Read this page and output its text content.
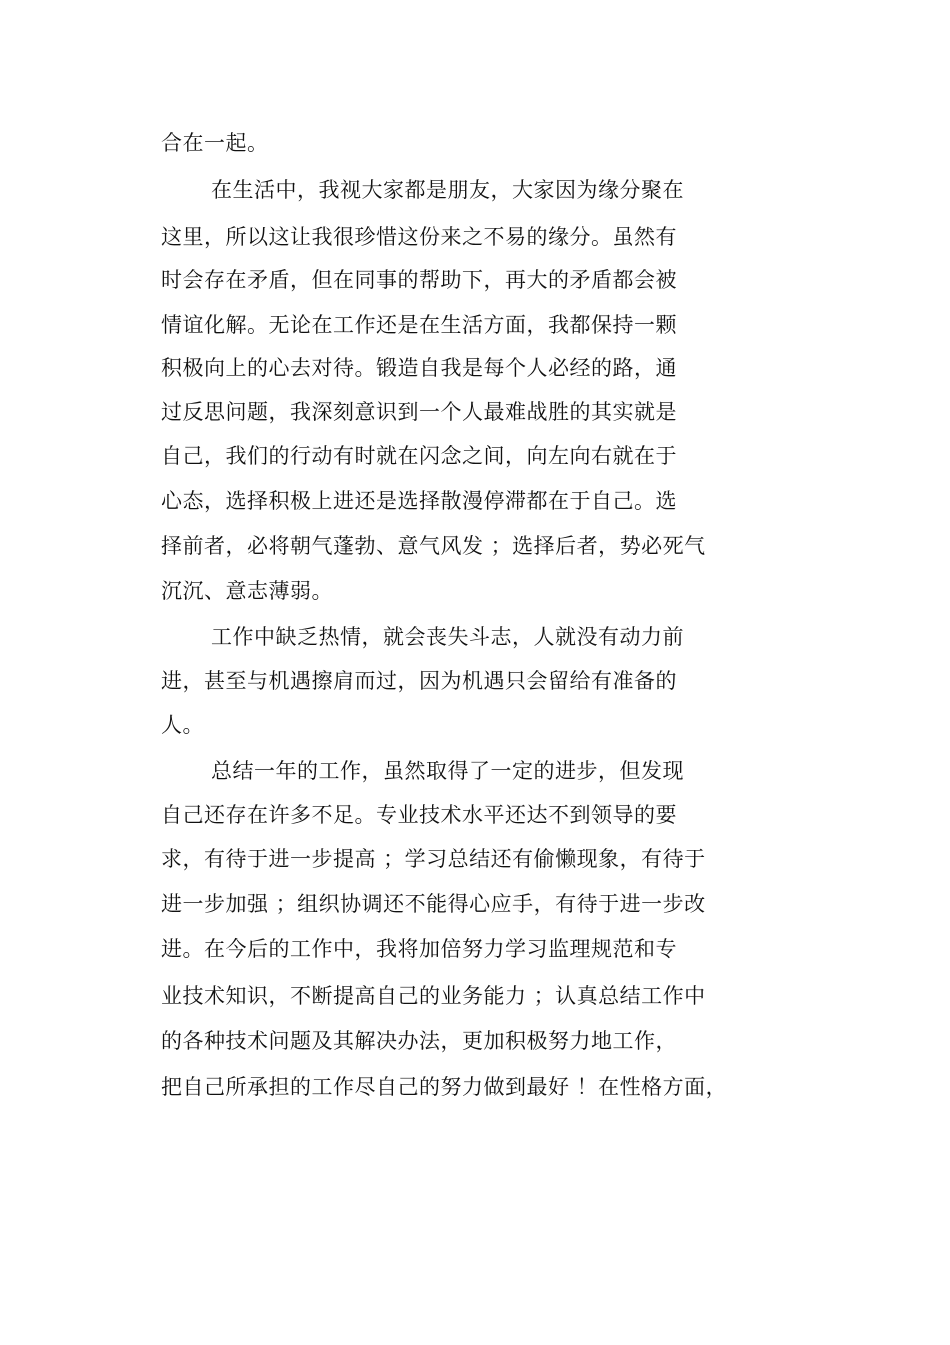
合在一起。

在生活中，我视大家都是朋友，大家因为缘分聚在

这里，所以这让我很珍惜这份来之不易的缘分。虽然有

时会存在矛盾，但在同事的帮助下，再大的矛盾都会被

情谊化解。无论在工作还是在生活方面，我都保持一颗

积极向上的心去对待。锻造自我是每个人必经的路，通

过反思问题，我深刻意识到一个人最难战胜的其实就是

自己，我们的行动有时就在闪念之间，向左向右就在于

心态，选择积极上进还是选择散漫停滞都在于自己。选

择前者，必将朝气蓬勃、意气风发 ；选择后者，势必死气

沉沉、意志薄弱。

工作中缺乏热情，就会丧失斗志，人就没有动力前

进，甚至与机遇擦肩而过，因为机遇只会留给有准备的

人。

总结一年的工作，虽然取得了一定的进步，但发现

自己还存在许多不足。专业技术水平还达不到领导的要

求，有待于进一步提高 ；学习总结还有偷懒现象，有待于

进一步加强 ；组织协调还不能得心应手，有待于进一步改

进。在今后的工作中，我将加倍努力学习监理规范和专

业技术知识，不断提高自己的业务能力 ；认真总结工作中

的各种技术问题及其解决办法，更加积极努力地工作，

把自己所承担的工作尽自己的努力做到最好 ！在性格方面，
